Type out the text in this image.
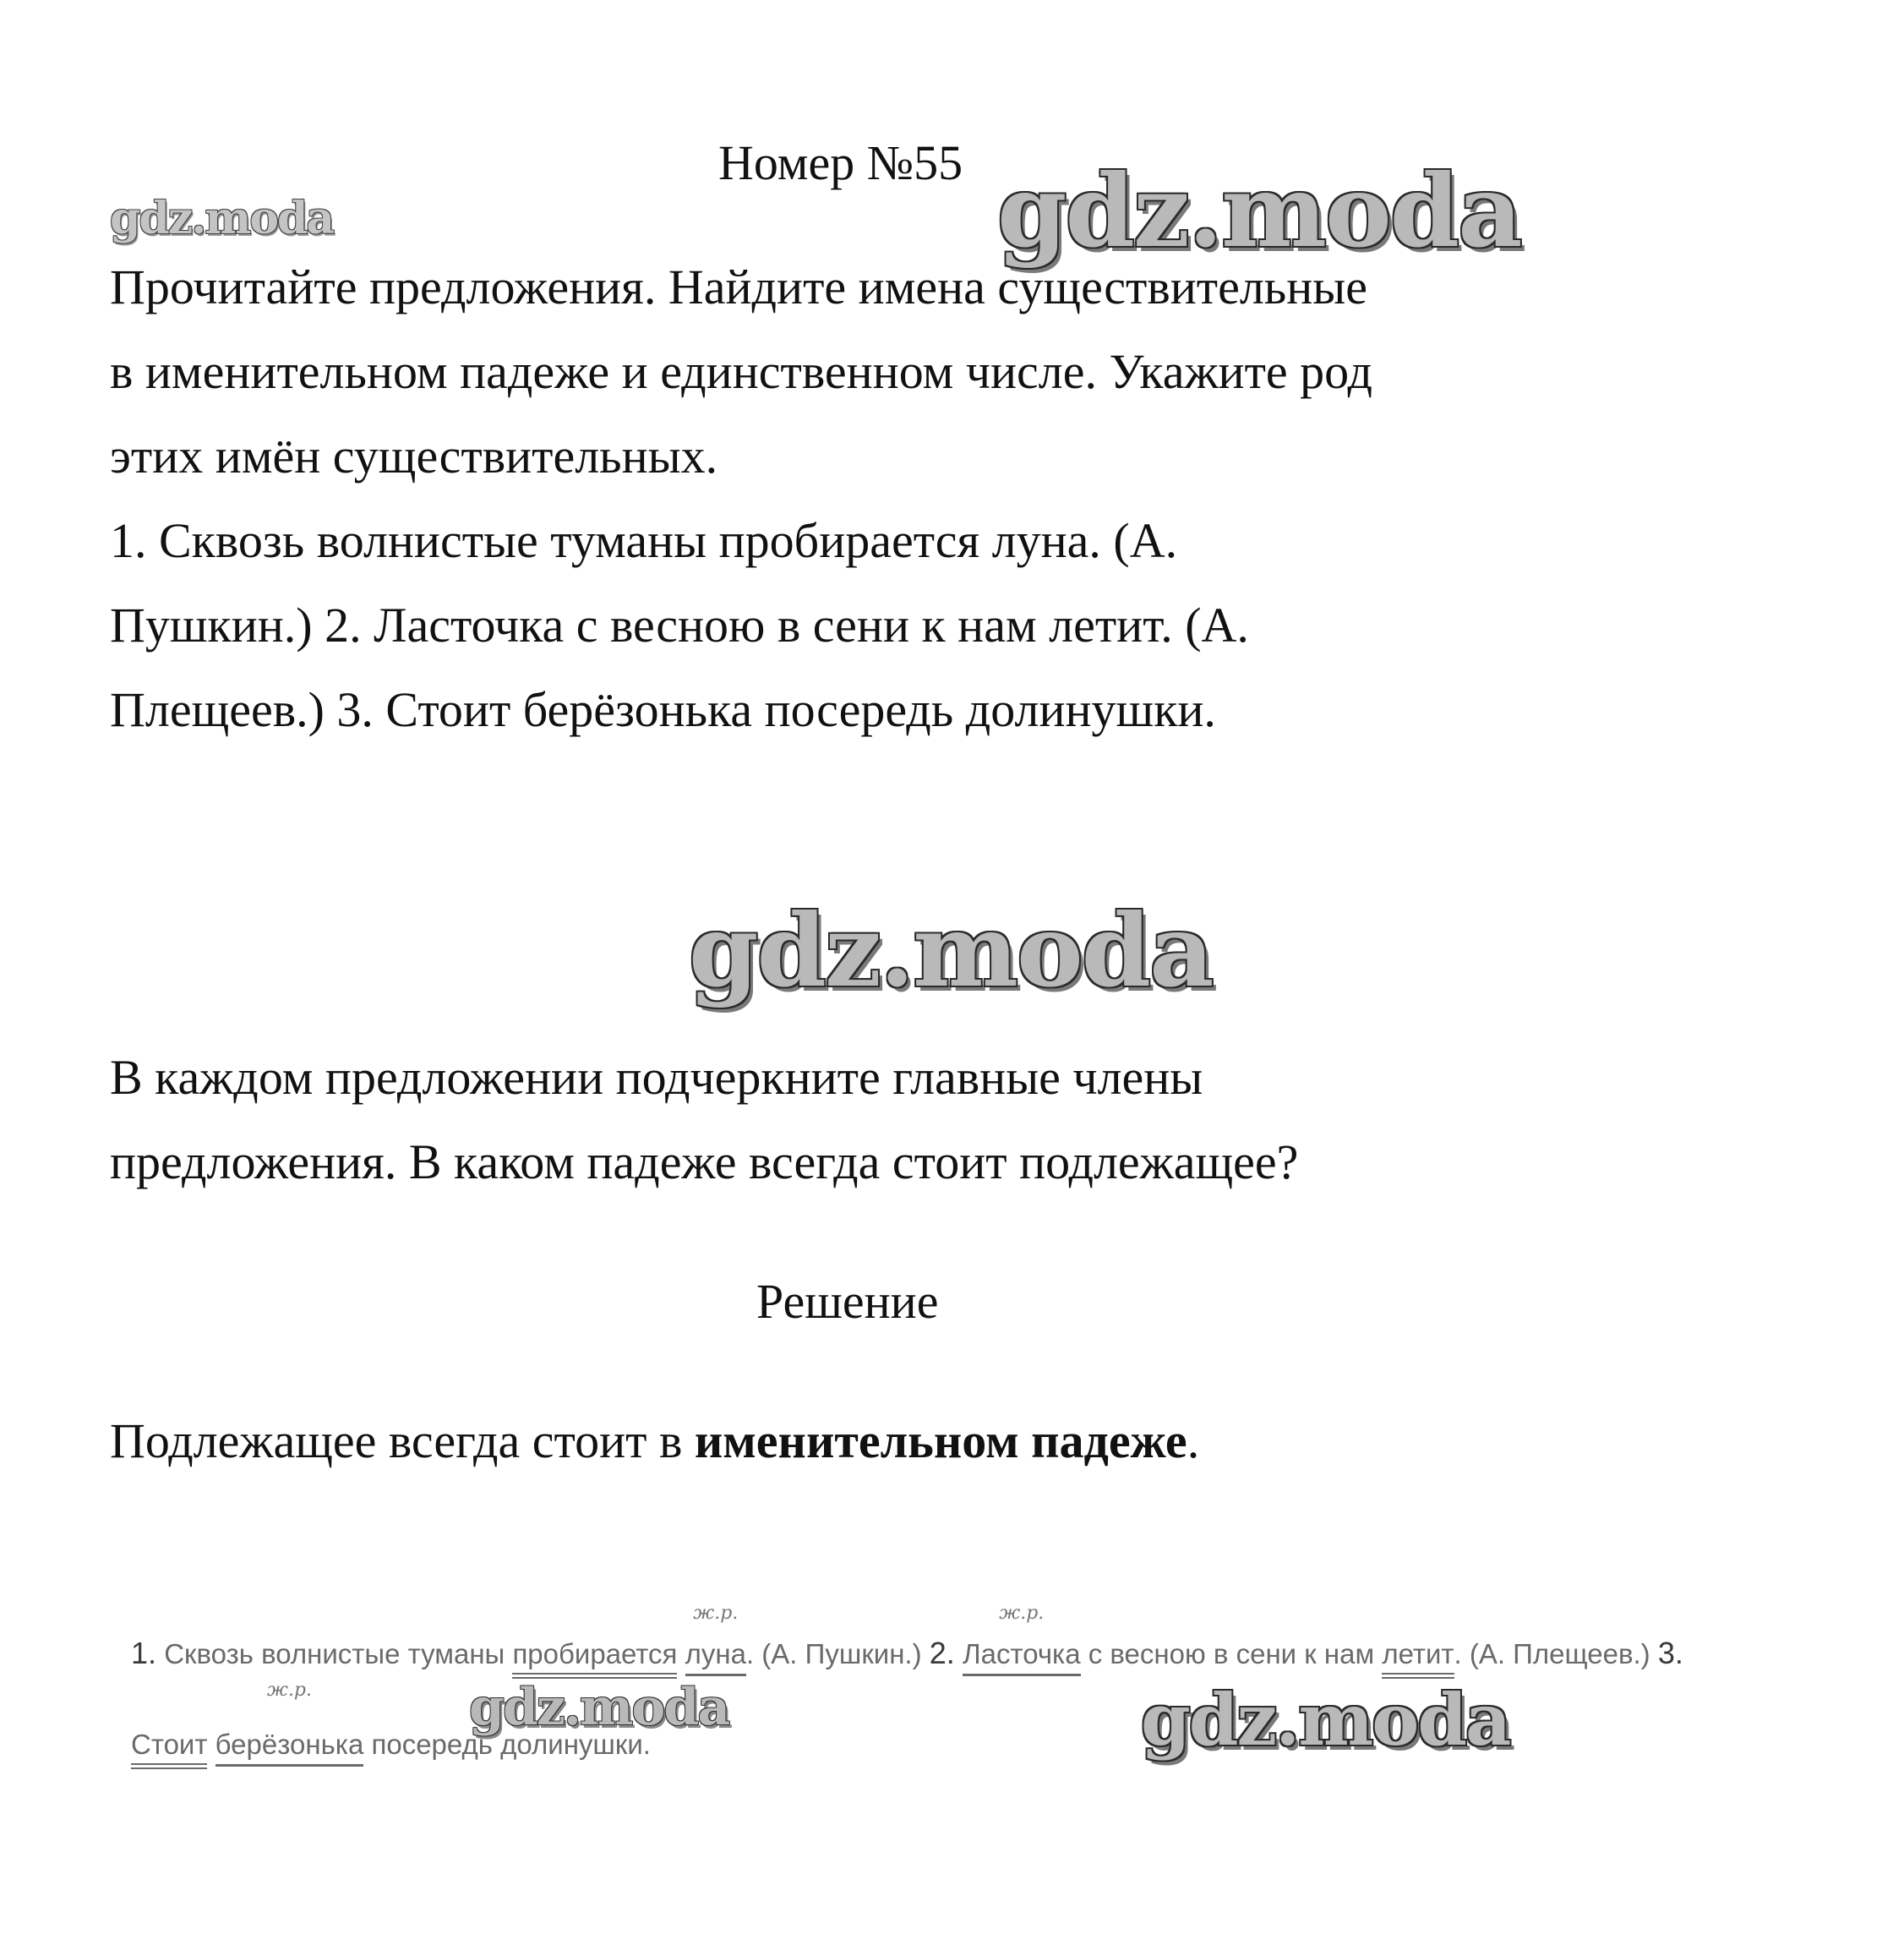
Номер №55
gdz.moda	gdz.moda

Прочитайте предложения. Найдите имена существительные

в именительном падеже и единственном числе. Укажите род

этих имён существительных.

1. Сквозь волнистые туманы пробирается луна. (А.

Пушкин.) 2. Ласточка с весною в сени к нам летит. (А.

Плещеев.) 3. Стоит берёзонька посередь долинушки.

gdz.moda

В каждом предложении подчеркните главные члены

предложения. В каком падеже всегда стоит подлежащее?

Решение
Подлежащее всегда стоит в именительном падеже.
1. Сквозь волнистые туманы пробирается
ж.р.
луна. (А. Пушкин.) 2.
ж.р.
Ласточка с весною в сени к нам летит. (А. Плещеев.) 3.
Стоит
ж.р.
берёзонька посередь долинушки.
gdz.moda	gdz.moda
